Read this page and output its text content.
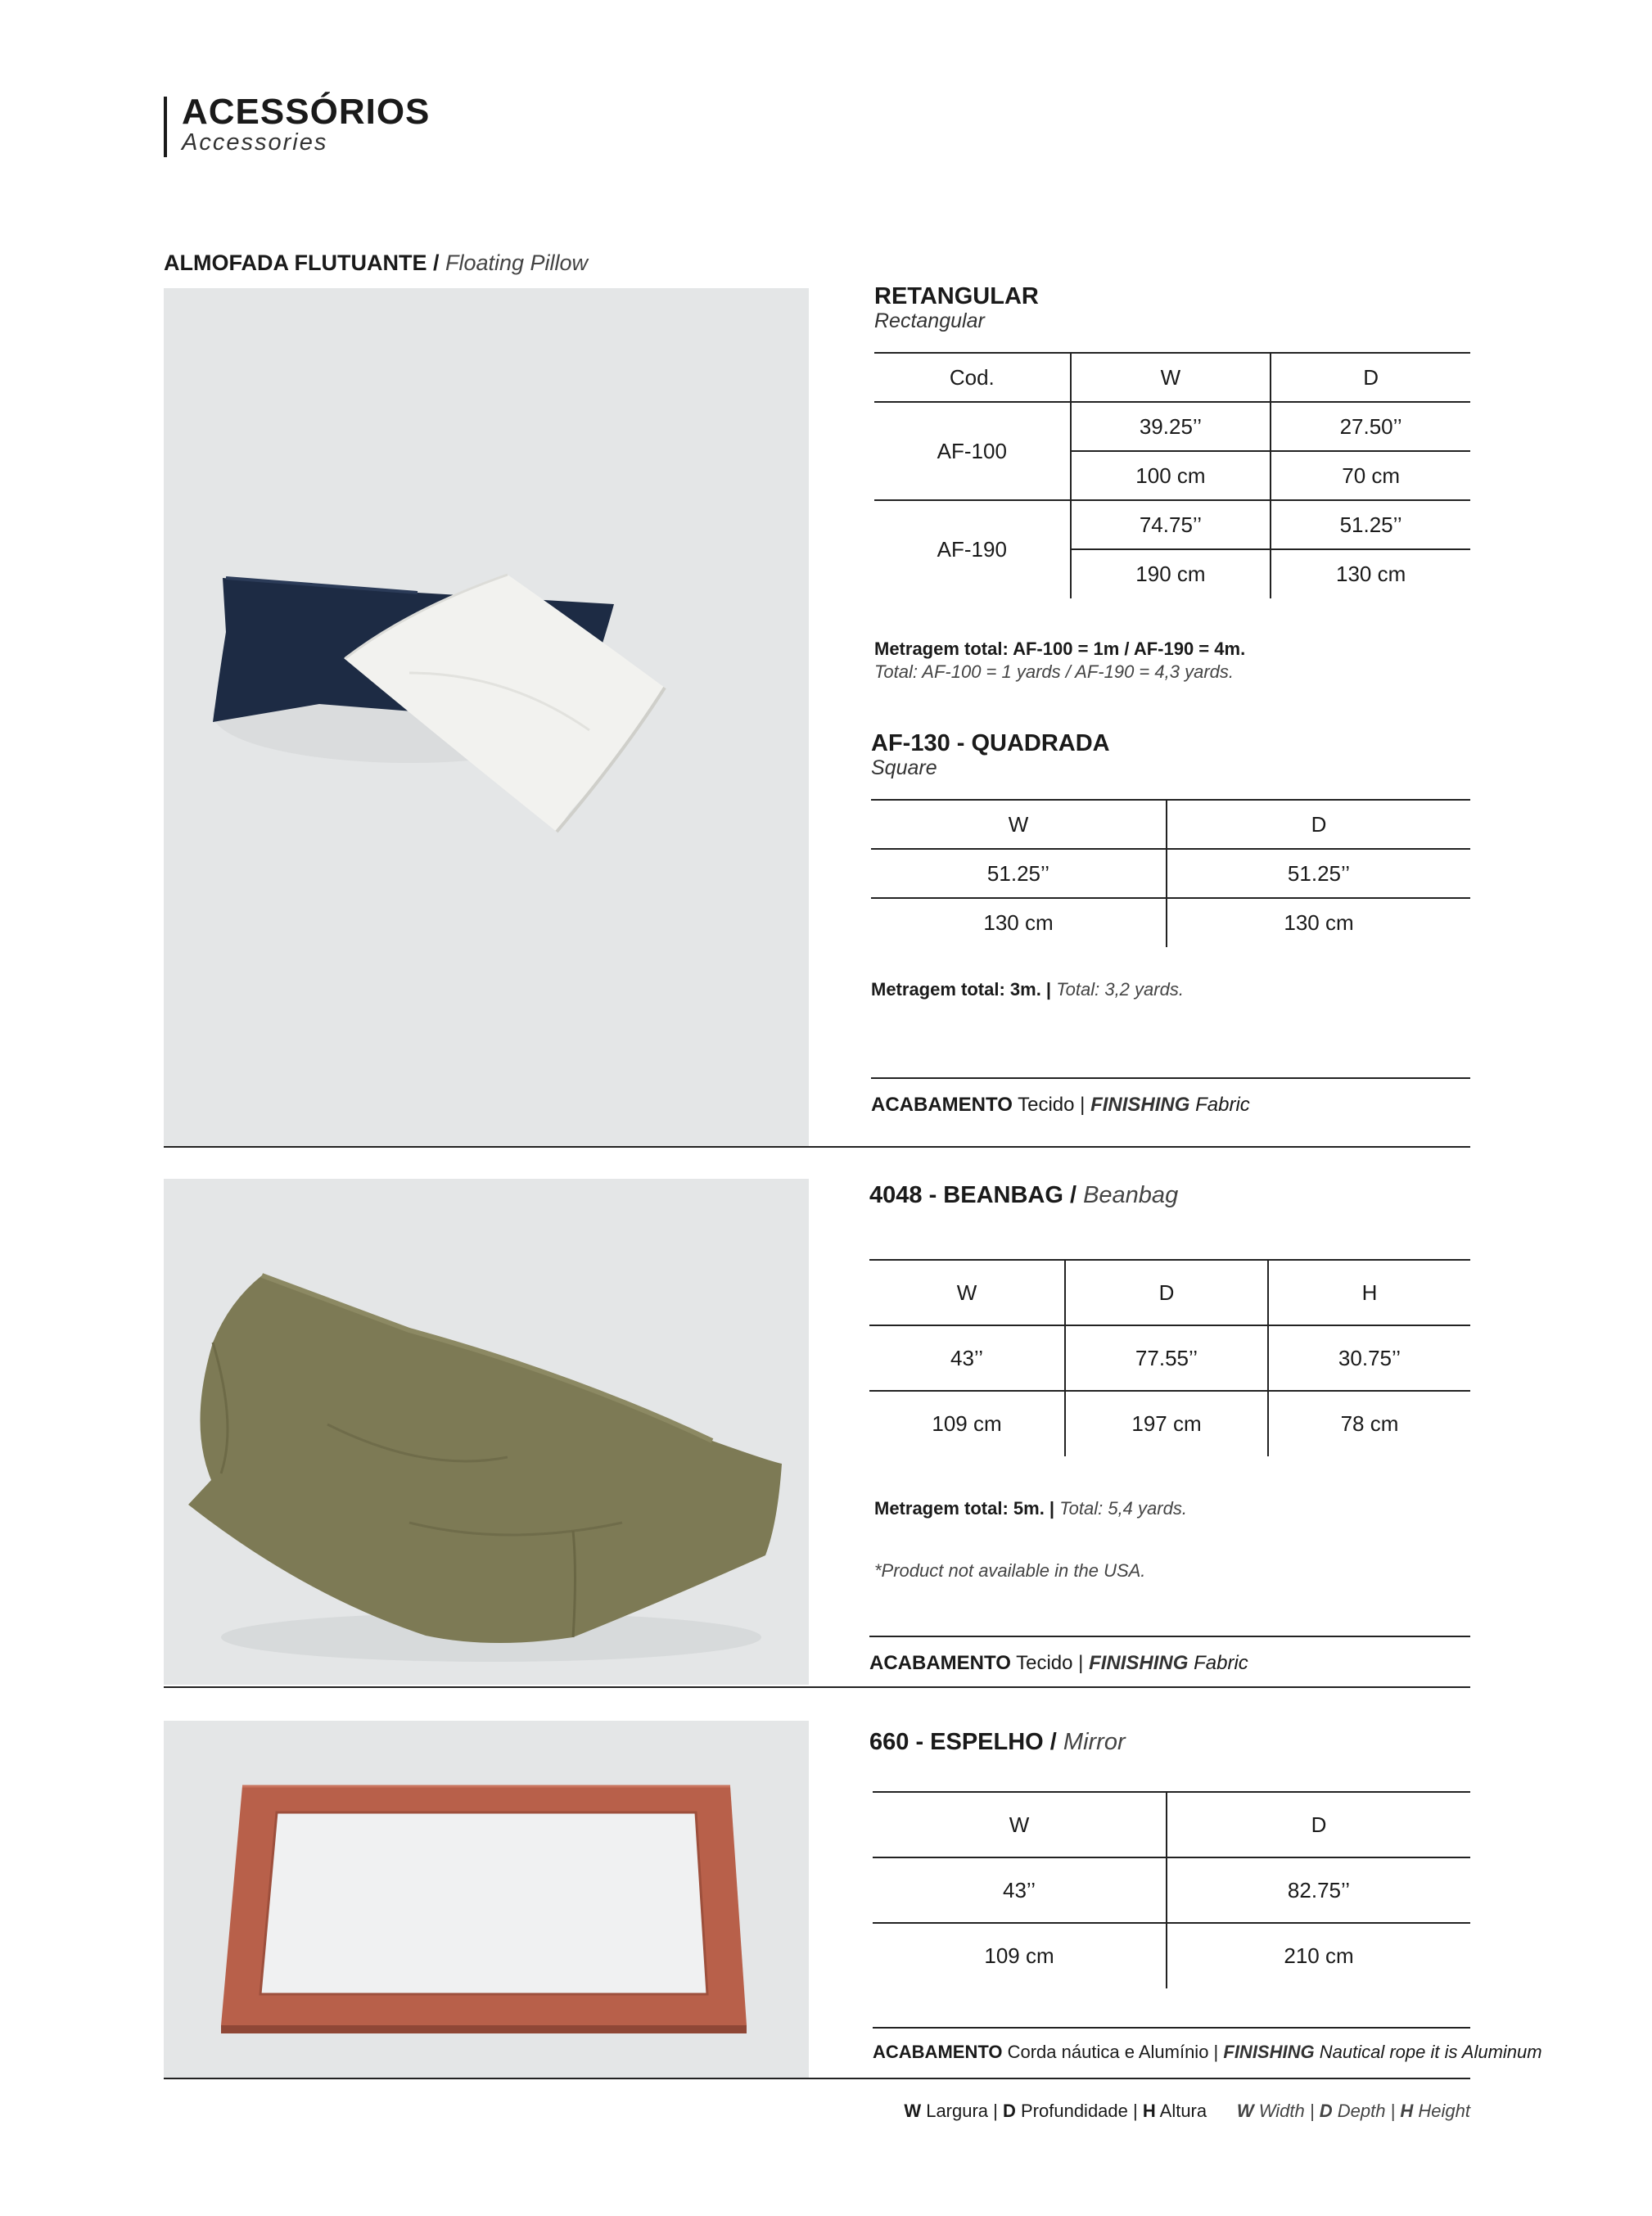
ACESSÓRIOS
Accessories
ALMOFADA FLUTUANTE / Floating Pillow
RETANGULAR
Rectangular
Cod.	W	D
AF-100	39.25’’	27.50’’
	100 cm	70 cm
AF-190	74.75’’	51.25’’
	190 cm	130 cm
Metragem total: AF-100 = 1m / AF-190 = 4m.
Total: AF-100 = 1 yards / AF-190 = 4,3 yards.
AF-130 - QUADRADA
Square
W	D
51.25’’	51.25’’
130 cm	130 cm
Metragem total: 3m. | Total: 3,2 yards.
ACABAMENTO Tecido | FINISHING Fabric
4048 - BEANBAG / Beanbag
W	D	H
43’’	77.55’’	30.75’’
109 cm	197 cm	78 cm
Metragem total: 5m. | Total: 5,4 yards.
*Product not available in the USA.
ACABAMENTO Tecido | FINISHING Fabric
660 - ESPELHO / Mirror
W	D
43’’	82.75’’
109 cm	210 cm
ACABAMENTO Corda náutica e Alumínio | FINISHING Nautical rope it is Aluminum
W Largura | D Profundidade | H Altura W Width | D Depth | H Height
